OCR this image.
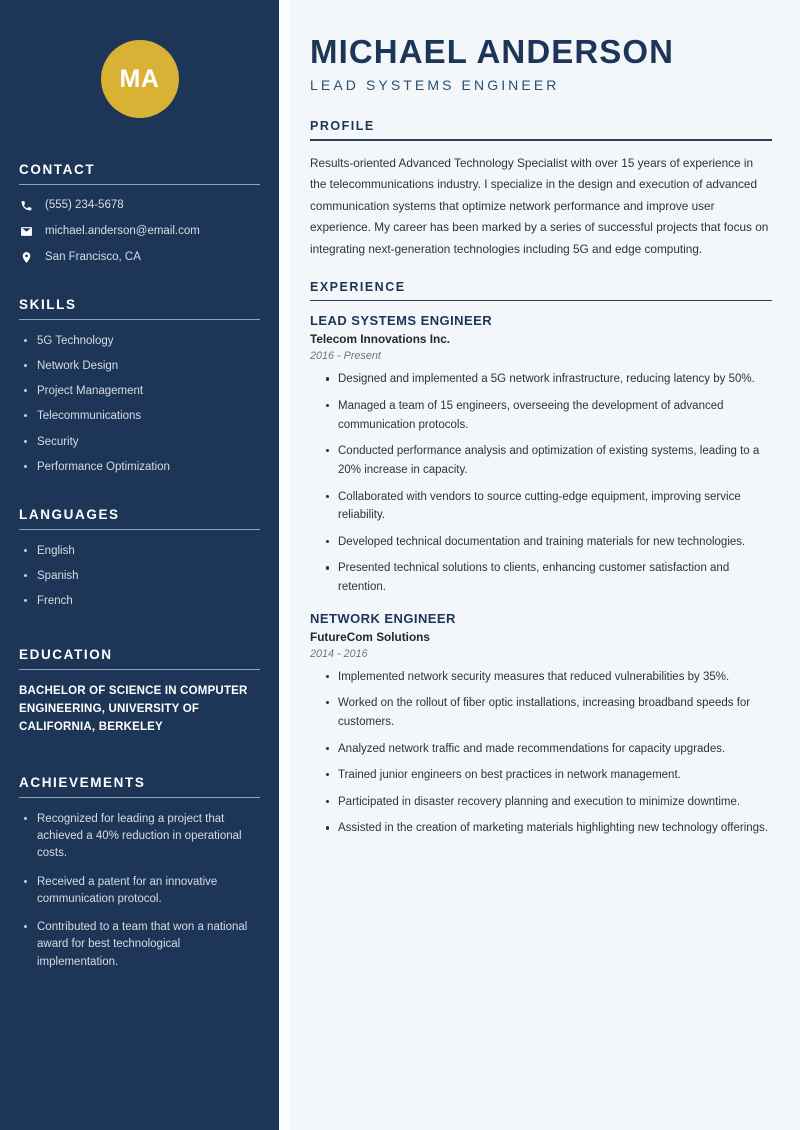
MA
CONTACT
(555) 234-5678
michael.anderson@email.com
San Francisco, CA
SKILLS
5G Technology
Network Design
Project Management
Telecommunications
Security
Performance Optimization
LANGUAGES
English
Spanish
French
EDUCATION
BACHELOR OF SCIENCE IN COMPUTER ENGINEERING, UNIVERSITY OF CALIFORNIA, BERKELEY
ACHIEVEMENTS
Recognized for leading a project that achieved a 40% reduction in operational costs.
Received a patent for an innovative communication protocol.
Contributed to a team that won a national award for best technological implementation.
MICHAEL ANDERSON
LEAD SYSTEMS ENGINEER
PROFILE

Results-oriented Advanced Technology Specialist with over 15 years of experience in the telecommunications industry. I specialize in the design and execution of advanced communication systems that optimize network performance and improve user experience. My career has been marked by a series of successful projects that focus on integrating next-generation technologies including 5G and edge computing.

EXPERIENCE
LEAD SYSTEMS ENGINEER
Telecom Innovations Inc.
2016 - Present
Designed and implemented a 5G network infrastructure, reducing latency by 50%.
Managed a team of 15 engineers, overseeing the development of advanced communication protocols.
Conducted performance analysis and optimization of existing systems, leading to a 20% increase in capacity.
Collaborated with vendors to source cutting-edge equipment, improving service reliability.
Developed technical documentation and training materials for new technologies.
Presented technical solutions to clients, enhancing customer satisfaction and retention.
NETWORK ENGINEER
FutureCom Solutions
2014 - 2016
Implemented network security measures that reduced vulnerabilities by 35%.
Worked on the rollout of fiber optic installations, increasing broadband speeds for customers.
Analyzed network traffic and made recommendations for capacity upgrades.
Trained junior engineers on best practices in network management.
Participated in disaster recovery planning and execution to minimize downtime.
Assisted in the creation of marketing materials highlighting new technology offerings.
